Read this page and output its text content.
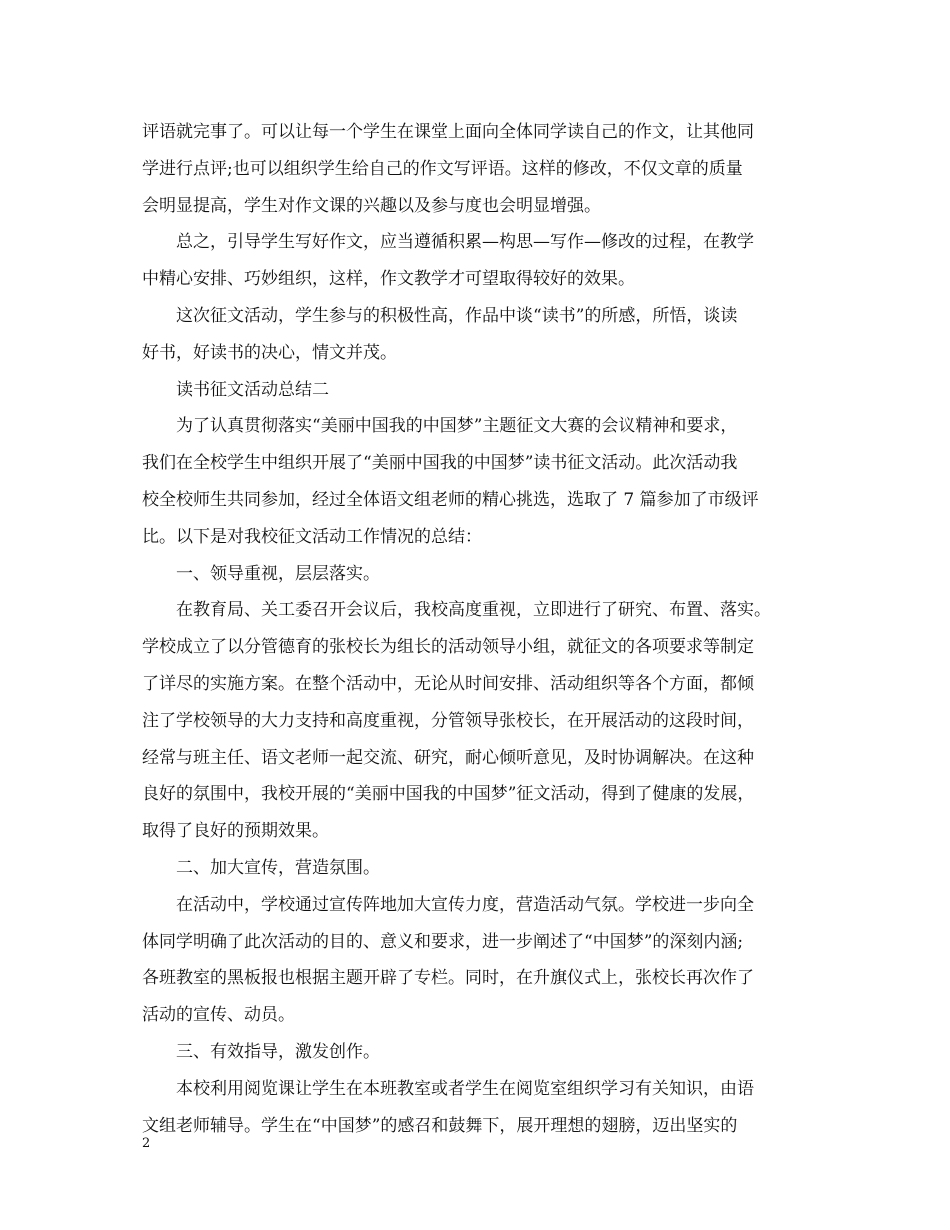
评语就完事了。可以让每一个学生在课堂上面向全体同学读自己的作文，让其他同
学进行点评;也可以组织学生给自己的作文写评语。这样的修改，不仅文章的质量
会明显提高，学生对作文课的兴趣以及参与度也会明显增强。
总之，引导学生写好作文，应当遵循积累—构思—写作—修改的过程，在教学
中精心安排、巧妙组织，这样，作文教学才可望取得较好的效果。
这次征文活动，学生参与的积极性高，作品中谈“读书”的所感，所悟，谈读
好书，好读书的决心，情文并茂。
读书征文活动总结二
为了认真贯彻落实“美丽中国我的中国梦”主题征文大赛的会议精神和要求，
我们在全校学生中组织开展了“美丽中国我的中国梦”读书征文活动。此次活动我
校全校师生共同参加，经过全体语文组老师的精心挑选，选取了 7 篇参加了市级评
比。以下是对我校征文活动工作情况的总结：
一、领导重视，层层落实。
在教育局、关工委召开会议后，我校高度重视，立即进行了研究、布置、落实。
学校成立了以分管德育的张校长为组长的活动领导小组，就征文的各项要求等制定
了详尽的实施方案。在整个活动中，无论从时间安排、活动组织等各个方面，都倾
注了学校领导的大力支持和高度重视，分管领导张校长，在开展活动的这段时间，
经常与班主任、语文老师一起交流、研究，耐心倾听意见，及时协调解决。在这种
良好的氛围中，我校开展的“美丽中国我的中国梦”征文活动，得到了健康的发展，
取得了良好的预期效果。
二、加大宣传，营造氛围。
在活动中，学校通过宣传阵地加大宣传力度，营造活动气氛。学校进一步向全
体同学明确了此次活动的目的、意义和要求，进一步阐述了“中国梦”的深刻内涵;
各班教室的黑板报也根据主题开辟了专栏。同时，在升旗仪式上，张校长再次作了
活动的宣传、动员。
三、有效指导，激发创作。
本校利用阅览课让学生在本班教室或者学生在阅览室组织学习有关知识，由语
文组老师辅导。学生在“中国梦”的感召和鼓舞下，展开理想的翅膀，迈出坚实的
2
